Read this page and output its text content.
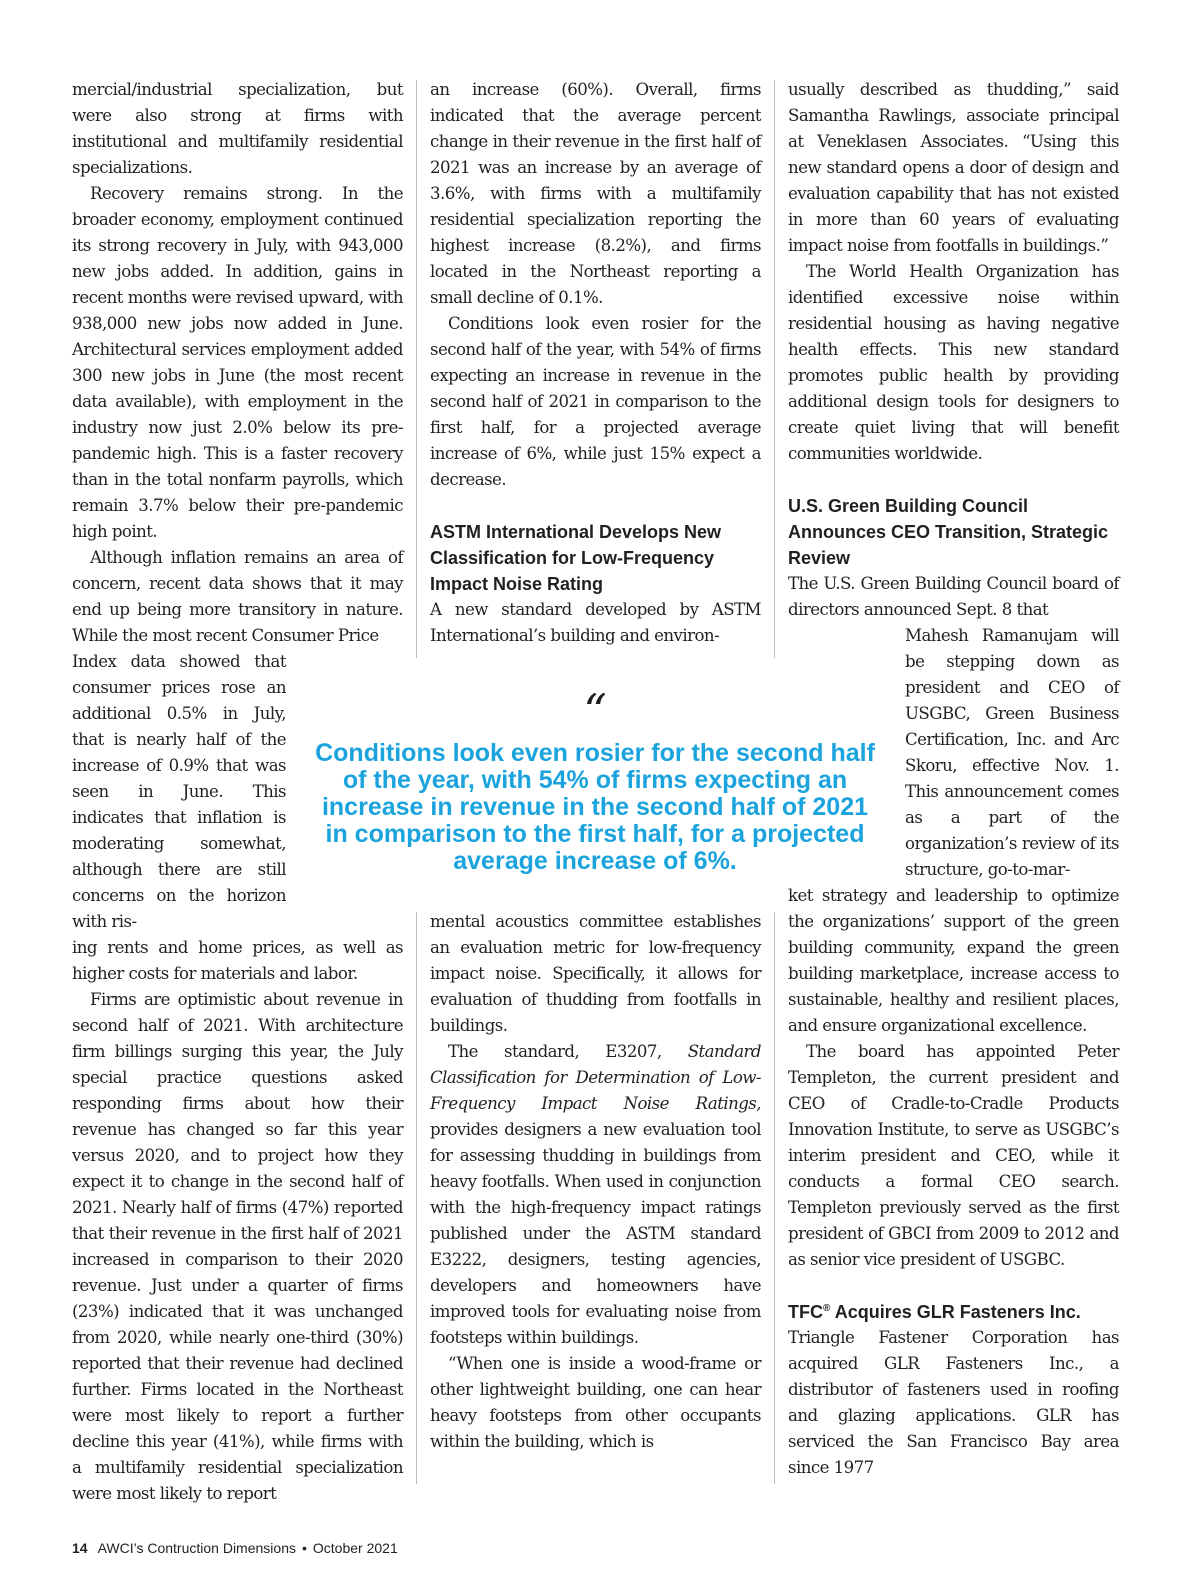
mercial/industrial specialization, but were also strong at firms with institutional and multifamily residential specializations.

Recovery remains strong. In the broader economy, employment continued its strong recovery in July, with 943,000 new jobs added. In addition, gains in recent months were revised upward, with 938,000 new jobs now added in June. Architectural services employment added 300 new jobs in June (the most recent data available), with employment in the industry now just 2.0% below its pre-pandemic high. This is a faster recovery than in the total nonfarm payrolls, which remain 3.7% below their pre-pandemic high point.

Although inflation remains an area of concern, recent data shows that it may end up being more transitory in nature. While the most recent Consumer Price

Index data showed that consumer prices rose an additional 0.5% in July, that is nearly half of the increase of 0.9% that was seen in June. This indicates that inflation is moderating somewhat, although there are still concerns on the horizon with ris-

ing rents and home prices, as well as higher costs for materials and labor.

Firms are optimistic about revenue in second half of 2021. With architecture firm billings surging this year, the July special practice questions asked responding firms about how their revenue has changed so far this year versus 2020, and to project how they expect it to change in the second half of 2021. Nearly half of firms (47%) reported that their revenue in the first half of 2021 increased in comparison to their 2020 revenue. Just under a quarter of firms (23%) indicated that it was unchanged from 2020, while nearly one-third (30%) reported that their revenue had declined further. Firms located in the Northeast were most likely to report a further decline this year (41%), while firms with a multifamily residential specialization were most likely to report

an increase (60%). Overall, firms indicated that the average percent change in their revenue in the first half of 2021 was an increase by an average of 3.6%, with firms with a multifamily residential specialization reporting the highest increase (8.2%), and firms located in the Northeast reporting a small decline of 0.1%.

Conditions look even rosier for the second half of the year, with 54% of firms expecting an increase in revenue in the second half of 2021 in comparison to the first half, for a projected average increase of 6%, while just 15% expect a decrease.

ASTM International Develops New Classification for Low-Frequency Impact Noise Rating

A new standard developed by ASTM International’s building and environ-

mental acoustics committee establishes an evaluation metric for low-frequency impact noise. Specifically, it allows for evaluation of thudding from footfalls in buildings.

The standard, E3207, Standard Classification for Determination of Low-Frequency Impact Noise Ratings, provides designers a new evaluation tool for assessing thudding in buildings from heavy footfalls. When used in conjunction with the high-frequency impact ratings published under the ASTM standard E3222, designers, testing agencies, developers and homeowners have improved tools for evaluating noise from footsteps within buildings.

“When one is inside a wood-frame or other lightweight building, one can hear heavy footsteps from other occupants within the building, which is

usually described as thudding,” said Samantha Rawlings, associate principal at Veneklasen Associates. “Using this new standard opens a door of design and evaluation capability that has not existed in more than 60 years of evaluating impact noise from footfalls in buildings.”

The World Health Organization has identified excessive noise within residential housing as having negative health effects. This new standard promotes public health by providing additional design tools for designers to create quiet living that will benefit communities worldwide.

U.S. Green Building Council Announces CEO Transition, Strategic Review

The U.S. Green Building Council board of directors announced Sept. 8 that

Mahesh Ramanujam will be stepping down as president and CEO of USGBC, Green Business Certification, Inc. and Arc Skoru, effective Nov. 1. This announcement comes as a part of the organization’s review of its structure, go-to-mar-

ket strategy and leadership to optimize the organizations’ support of the green building community, expand the green building marketplace, increase access to sustainable, healthy and resilient places, and ensure organizational excellence.

The board has appointed Peter Templeton, the current president and CEO of Cradle-to-Cradle Products Innovation Institute, to serve as USGBC’s interim president and CEO, while it conducts a formal CEO search. Templeton previously served as the first president of GBCI from 2009 to 2012 and as senior vice president of USGBC.

TFC® Acquires GLR Fasteners Inc.

Triangle Fastener Corporation has acquired GLR Fasteners Inc., a distributor of fasteners used in roofing and glazing applications. GLR has serviced the San Francisco Bay area since 1977

“
Conditions look even rosier for the second half of the year, with 54% of firms expecting an increase in revenue in the second half of 2021 in comparison to the first half, for a projected average increase of 6%.
14 AWCI’s Contruction Dimensions • October 2021
